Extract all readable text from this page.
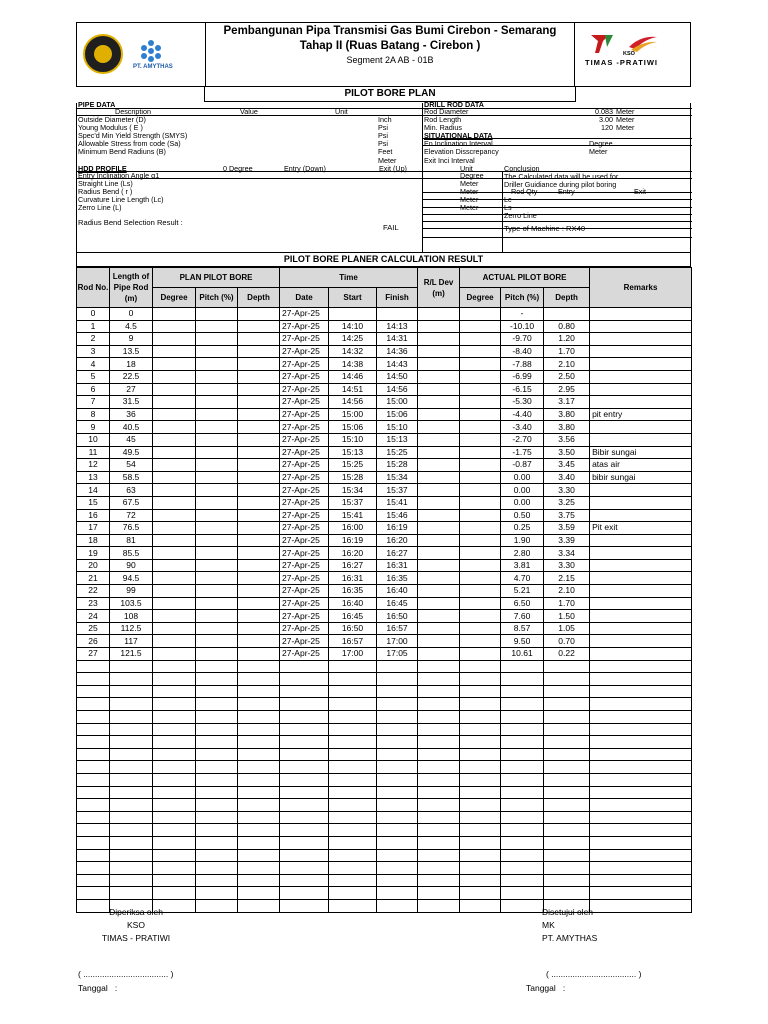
PT. AMYTHAS
Pembangunan Pipa Transmisi Gas Bumi Cirebon - Semarang
Tahap II (Ruas Batang - Cirebon )
Segment 2A AB - 01B
KSO
TIMAS -PRATIWI
PILOT BORE PLAN
PIPE DATA
Description	Value	Unit
Outside Diameter (D)	Inch
Young Modulus ( E )	Psi
Spec'd Min Yield Strength (SMYS)	Psi
Allowable Stress from code (Sa)	Psi
Minimum Bend Radiuns (B)	Feet
Meter
DRILL ROD DATA
Rod Diameter	0.083 Meter
Rod Length	3.00 Meter
Min. Radius	120 Meter
SITUATIONAL DATA
En Inclination Interval	Degree
Elevation Disscrepancy	Meter
Exit Inci Interval
HDD PROFILE	0 Degree	Entry (Down)	Exit (Up)	Unit
Entry Inclination Angle α1	Degree
Straight Line (Ls)	Meter
Radius Bend ( r )	Meter
Curvature Line Length (Lc)	Meter
Zerro Line (L)	Meter
Radius Bend Selection Result :
FAIL
Conclusion
The Calculated data will be used for
Driller Guidiance during pilot boring
Rod Qty	Entry	Exit
Lc
Ls
Zerro Line
Type of Machine : RX40
PILOT BORE PLANER CALCULATION RESULT
Rod No.	Length of Pipe Rod (m)	PLAN PILOT BORE			Time			R/L Dev (m)	ACTUAL PILOT BORE			Remarks
		Degree	Pitch (%)	Depth	Date	Start	Finish		Degree	Pitch (%)	Depth	
0	0				27-Apr-25					-		
1	4.5				27-Apr-25	14:10	14:13			-10.10	0.80	
2	9				27-Apr-25	14:25	14:31			-9.70	1.20	
3	13.5				27-Apr-25	14:32	14:36			-8.40	1.70	
4	18				27-Apr-25	14:38	14:43			-7.88	2.10	
5	22.5				27-Apr-25	14:46	14:50			-6.99	2.50	
6	27				27-Apr-25	14:51	14:56			-6.15	2.95	
7	31.5				27-Apr-25	14:56	15:00			-5.30	3.17	
8	36				27-Apr-25	15:00	15:06			-4.40	3.80	pit entry
9	40.5				27-Apr-25	15:06	15:10			-3.40	3.80	
10	45				27-Apr-25	15:10	15:13			-2.70	3.56	
11	49.5				27-Apr-25	15:13	15:25			-1.75	3.50	Bibir sungai
12	54				27-Apr-25	15:25	15:28			-0.87	3.45	atas air
13	58.5				27-Apr-25	15:28	15:34			0.00	3.40	bibir sungai
14	63				27-Apr-25	15:34	15:37			0.00	3.30	
15	67.5				27-Apr-25	15:37	15:41			0.00	3.25	
16	72				27-Apr-25	15:41	15:46			0.50	3.75	
17	76.5				27-Apr-25	16:00	16:19			0.25	3.59	Pit exit
18	81				27-Apr-25	16:19	16:20			1.90	3.39	
19	85.5				27-Apr-25	16:20	16:27			2.80	3.34	
20	90				27-Apr-25	16:27	16:31			3.81	3.30	
21	94.5				27-Apr-25	16:31	16:35			4.70	2.15	
22	99				27-Apr-25	16:35	16:40			5.21	2.10	
23	103.5				27-Apr-25	16:40	16:45			6.50	1.70	
24	108				27-Apr-25	16:45	16:50			7.60	1.50	
25	112.5				27-Apr-25	16:50	16:57			8.57	1.05	
26	117				27-Apr-25	16:57	17:00			9.50	0.70	
27	121.5				27-Apr-25	17:00	17:05			10.61	0.22	

Diperiksa oleh
KSO
TIMAS - PRATIWI
Disetujui oleh
MK
PT. AMYTHAS
( .................................... )	( .................................... )
Tanggal :	Tanggal :
